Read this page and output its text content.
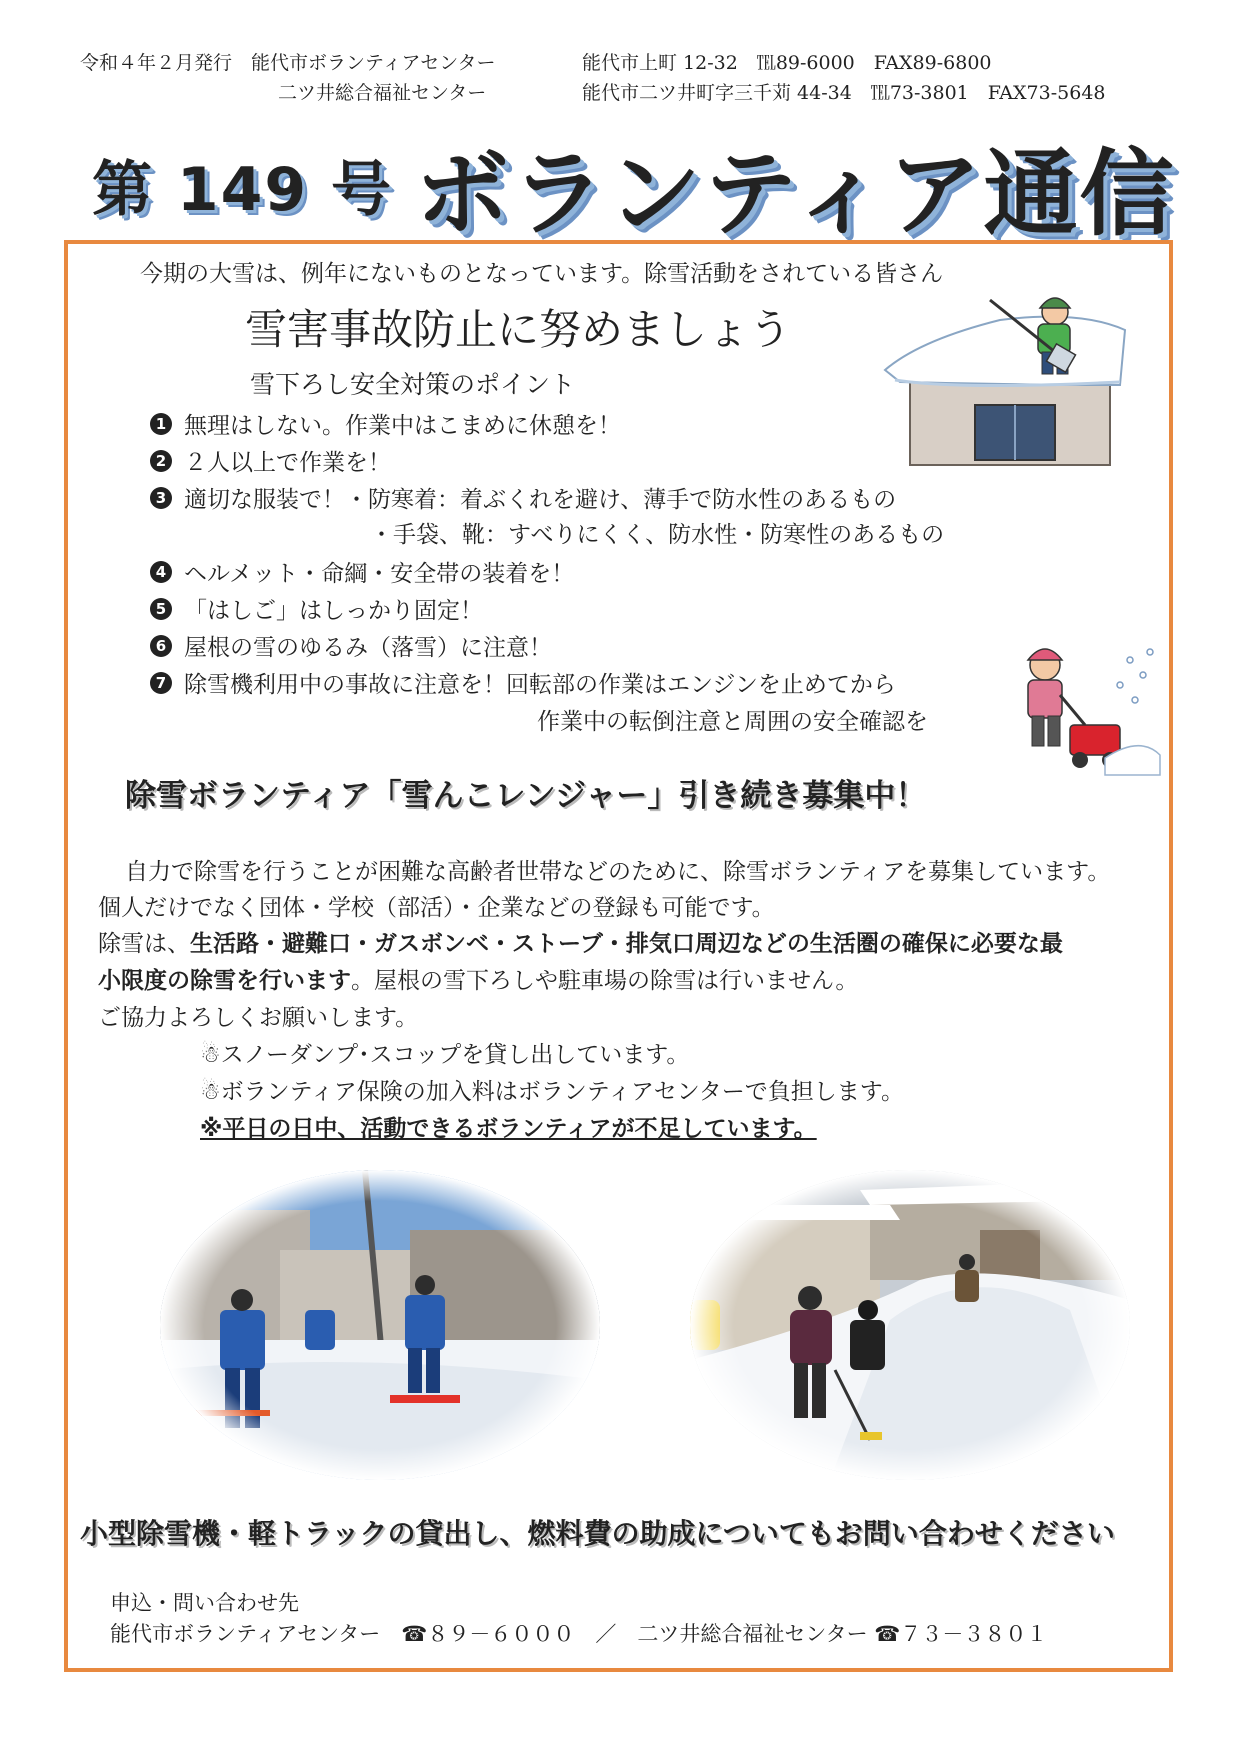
令和４年２月発行　能代市ボランティアセンター	能代市上町 12-32　℡89-6000　FAX89-6800
二ツ井総合福祉センター	能代市二ツ井町字三千苅 44-34　℡73-3801　FAX73-5648
第 149 号 ボランティア通信
今期の大雪は、例年にないものとなっています。除雪活動をされている皆さん
雪害事故防止に努めましょう
雪下ろし安全対策のポイント
1 無理はしない。作業中はこまめに休憩を！
2 ２人以上で作業を！
3 適切な服装で！・防寒着：着ぶくれを避け、薄手で防水性のあるもの
・手袋、靴：すべりにくく、防水性・防寒性のあるもの
4 ヘルメット・命綱・安全帯の装着を！
5 「はしご」はしっかり固定！
6 屋根の雪のゆるみ（落雪）に注意！
7 除雪機利用中の事故に注意を！回転部の作業はエンジンを止めてから
作業中の転倒注意と周囲の安全確認を
除雪ボランティア「雪んこレンジャー」引き続き募集中！
自力で除雪を行うことが困難な高齢者世帯などのために、除雪ボランティアを募集しています。
個人だけでなく団体・学校（部活）・企業などの登録も可能です。
除雪は、生活路・避難口・ガスボンベ・ストーブ・排気口周辺などの生活圏の確保に必要な最
小限度の除雪を行います。屋根の雪下ろしや駐車場の除雪は行いません。
ご協力よろしくお願いします。
☃スノーダンプ･スコップを貸し出しています。
☃ボランティア保険の加入料はボランティアセンターで負担します。
※平日の日中、活動できるボランティアが不足しています。
小型除雪機・軽トラックの貸出し、燃料費の助成についてもお問い合わせください
申込・問い合わせ先
能代市ボランティアセンター　☎８９－６０００　／　二ツ井総合福祉センター ☎７３－３８０１
